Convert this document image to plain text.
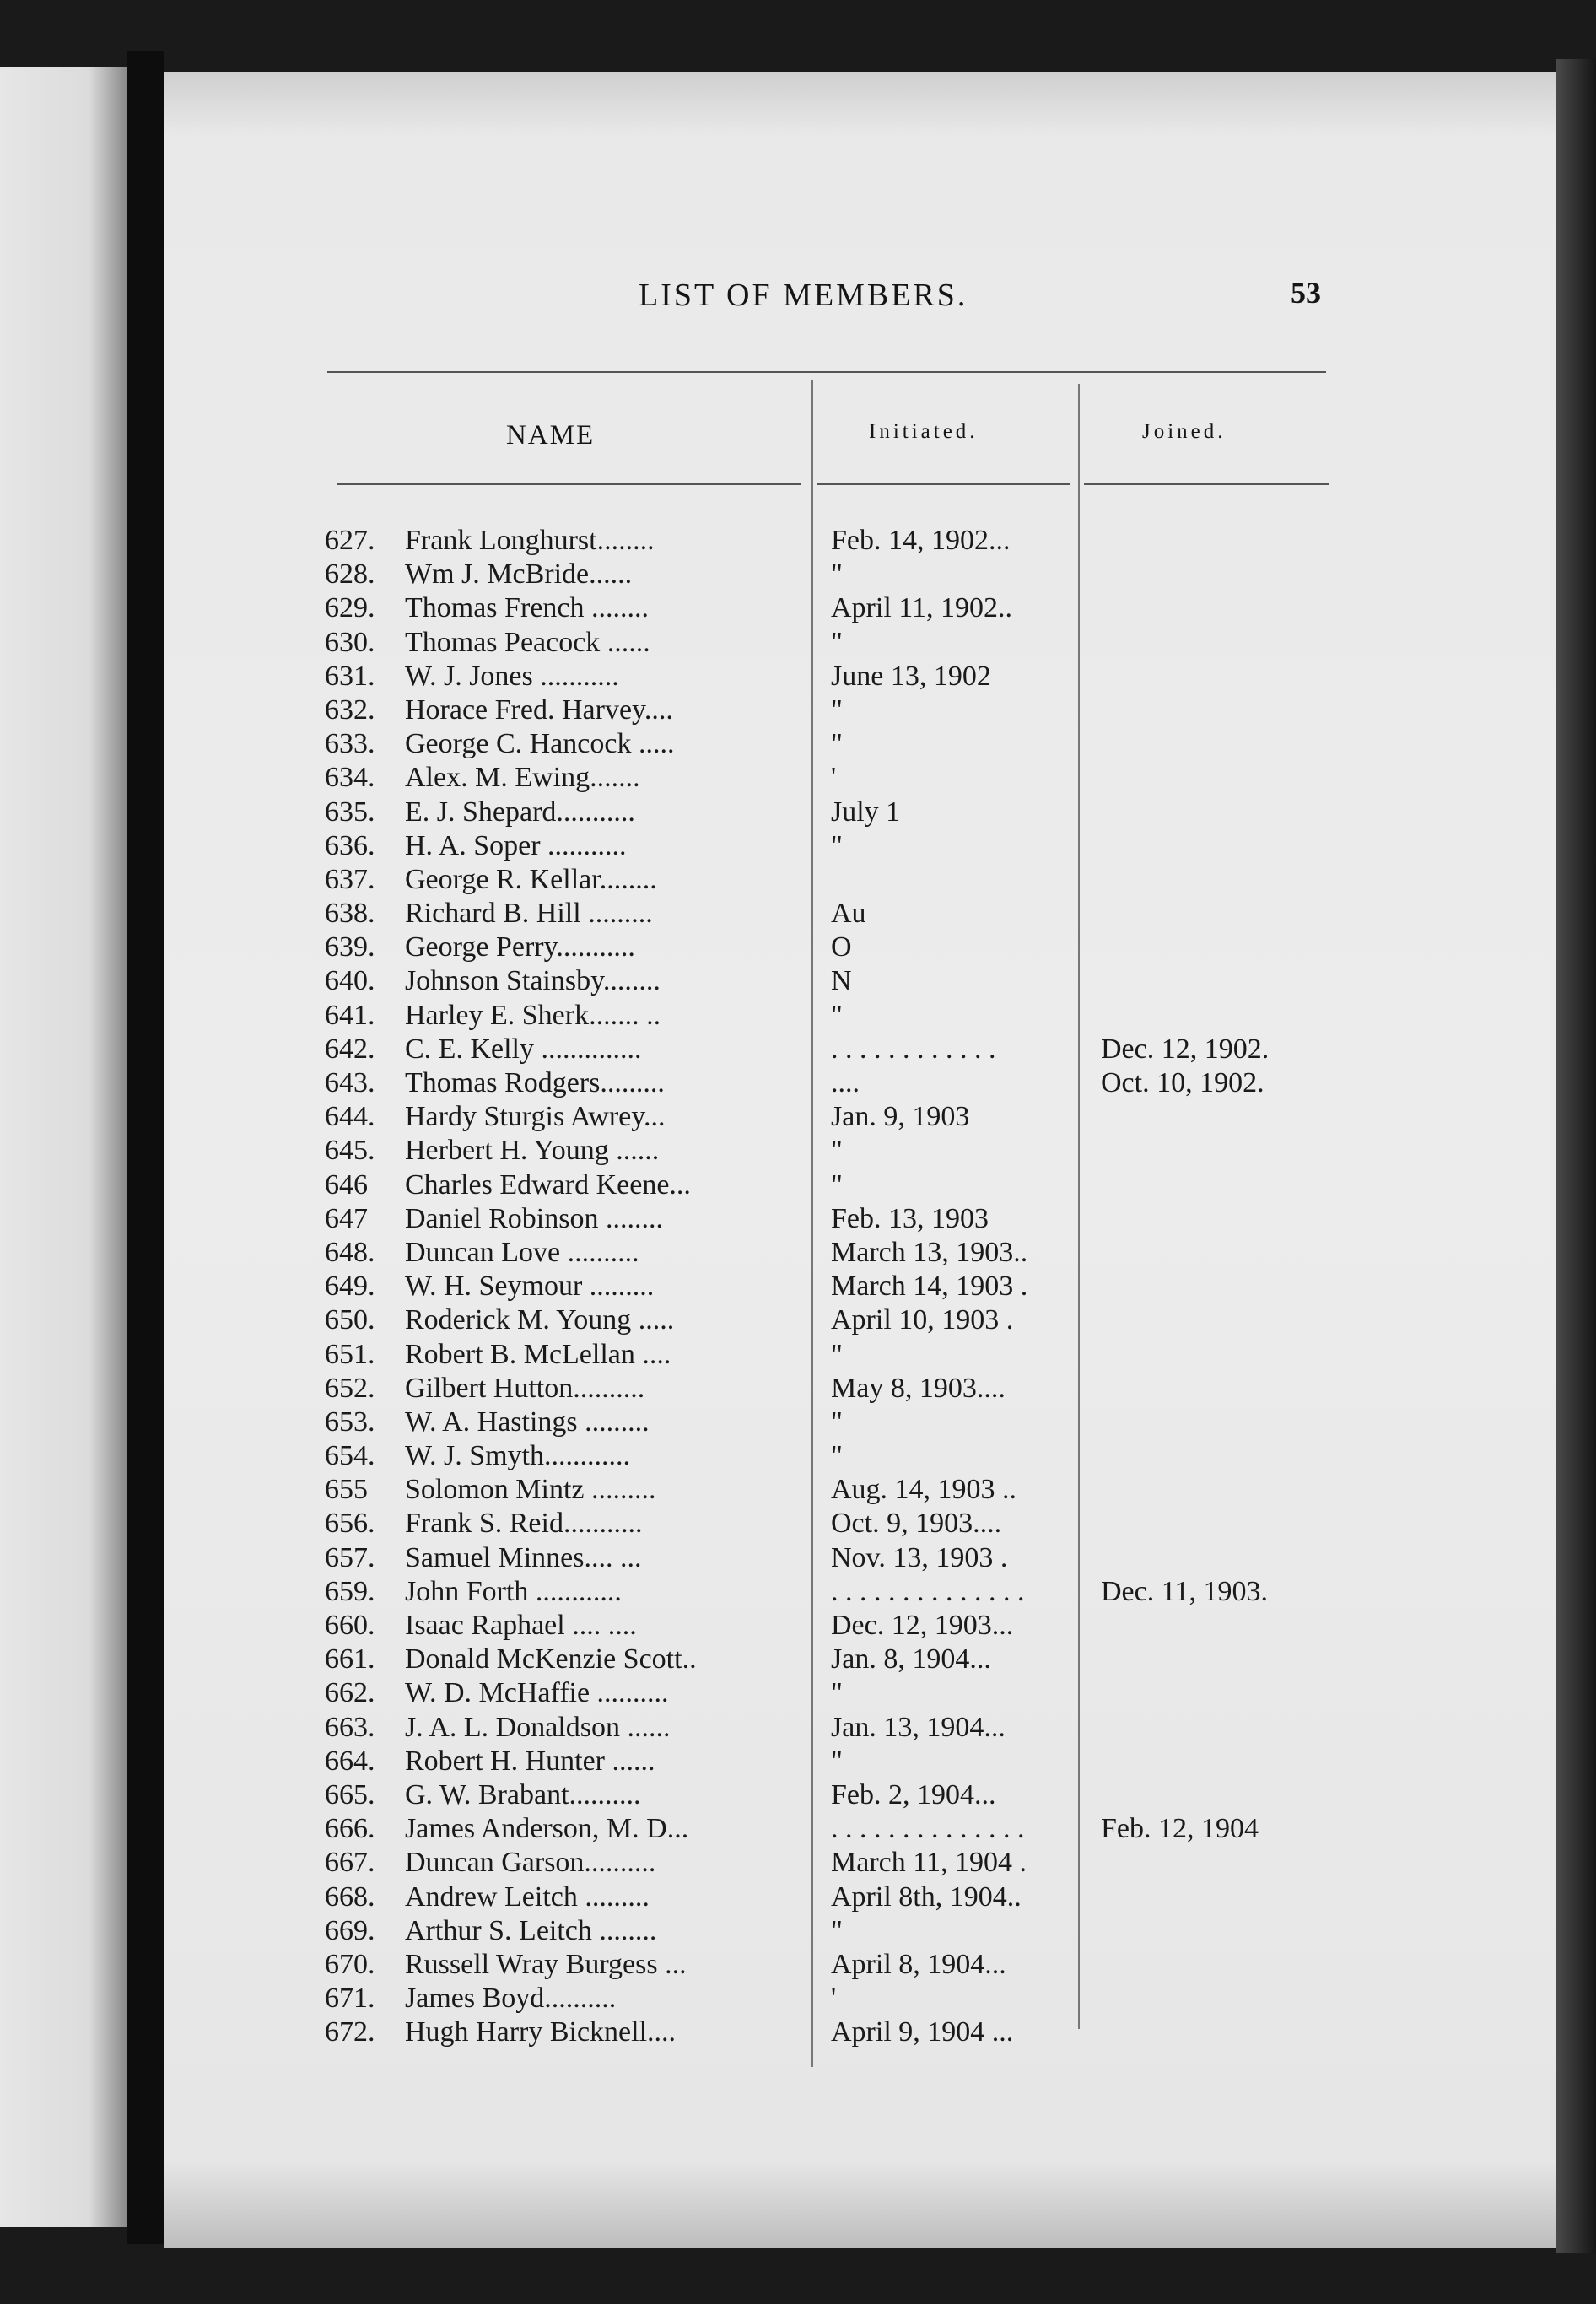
LIST OF MEMBERS.	53
NAME	Initiated.	Joined.
627.	Frank Longhurst........	Feb. 14, 1902...
628.	Wm J. McBride......	"
629.	Thomas French ........	April 11, 1902..
630.	Thomas Peacock ......	"
631.	W. J. Jones ...........	June 13, 1902
632.	Horace Fred. Harvey....	"
633.	George C. Hancock .....	"
634.	Alex. M. Ewing.......	'
635.	E. J. Shepard...........	July 1
636.	H. A. Soper ...........	"
637.	George R. Kellar........
638.	Richard B. Hill .........	Au
639.	George Perry...........	O
640.	Johnson Stainsby........	N
641.	Harley E. Sherk....... ..	"
642.	C. E. Kelly ..............	. . . . . . . . . . . .	Dec. 12, 1902.
643.	Thomas Rodgers.........	....	Oct. 10, 1902.
644.	Hardy Sturgis Awrey...	Jan. 9, 1903
645.	Herbert H. Young ......	"
646	Charles Edward Keene...	"
647	Daniel Robinson ........	Feb. 13, 1903
648.	Duncan Love ..........	March 13, 1903..
649.	W. H. Seymour .........	March 14, 1903 .
650.	Roderick M. Young .....	April 10, 1903 .
651.	Robert B. McLellan ....	"
652.	Gilbert Hutton..........	May 8, 1903....
653.	W. A. Hastings .........	"
654.	W. J. Smyth............	"
655	Solomon Mintz .........	Aug. 14, 1903 ..
656.	Frank S. Reid...........	Oct. 9, 1903....
657.	Samuel Minnes.... ...	Nov. 13, 1903 .
659.	John Forth ............	. . . . . . . . . . . . . .	Dec. 11, 1903.
660.	Isaac Raphael .... ....	Dec. 12, 1903...
661.	Donald McKenzie Scott..	Jan. 8, 1904...
662.	W. D. McHaffie ..........	"
663.	J. A. L. Donaldson ......	Jan. 13, 1904...
664.	Robert H. Hunter ......	"
665.	G. W. Brabant..........	Feb. 2, 1904...
666.	James Anderson, M. D...	. . . . . . . . . . . . . .	Feb. 12, 1904
667.	Duncan Garson..........	March 11, 1904 .
668.	Andrew Leitch .........	April 8th, 1904..
669.	Arthur S. Leitch ........	"
670.	Russell Wray Burgess ...	April 8, 1904...
671.	James Boyd..........	'
672.	Hugh Harry Bicknell....	April 9, 1904 ...
